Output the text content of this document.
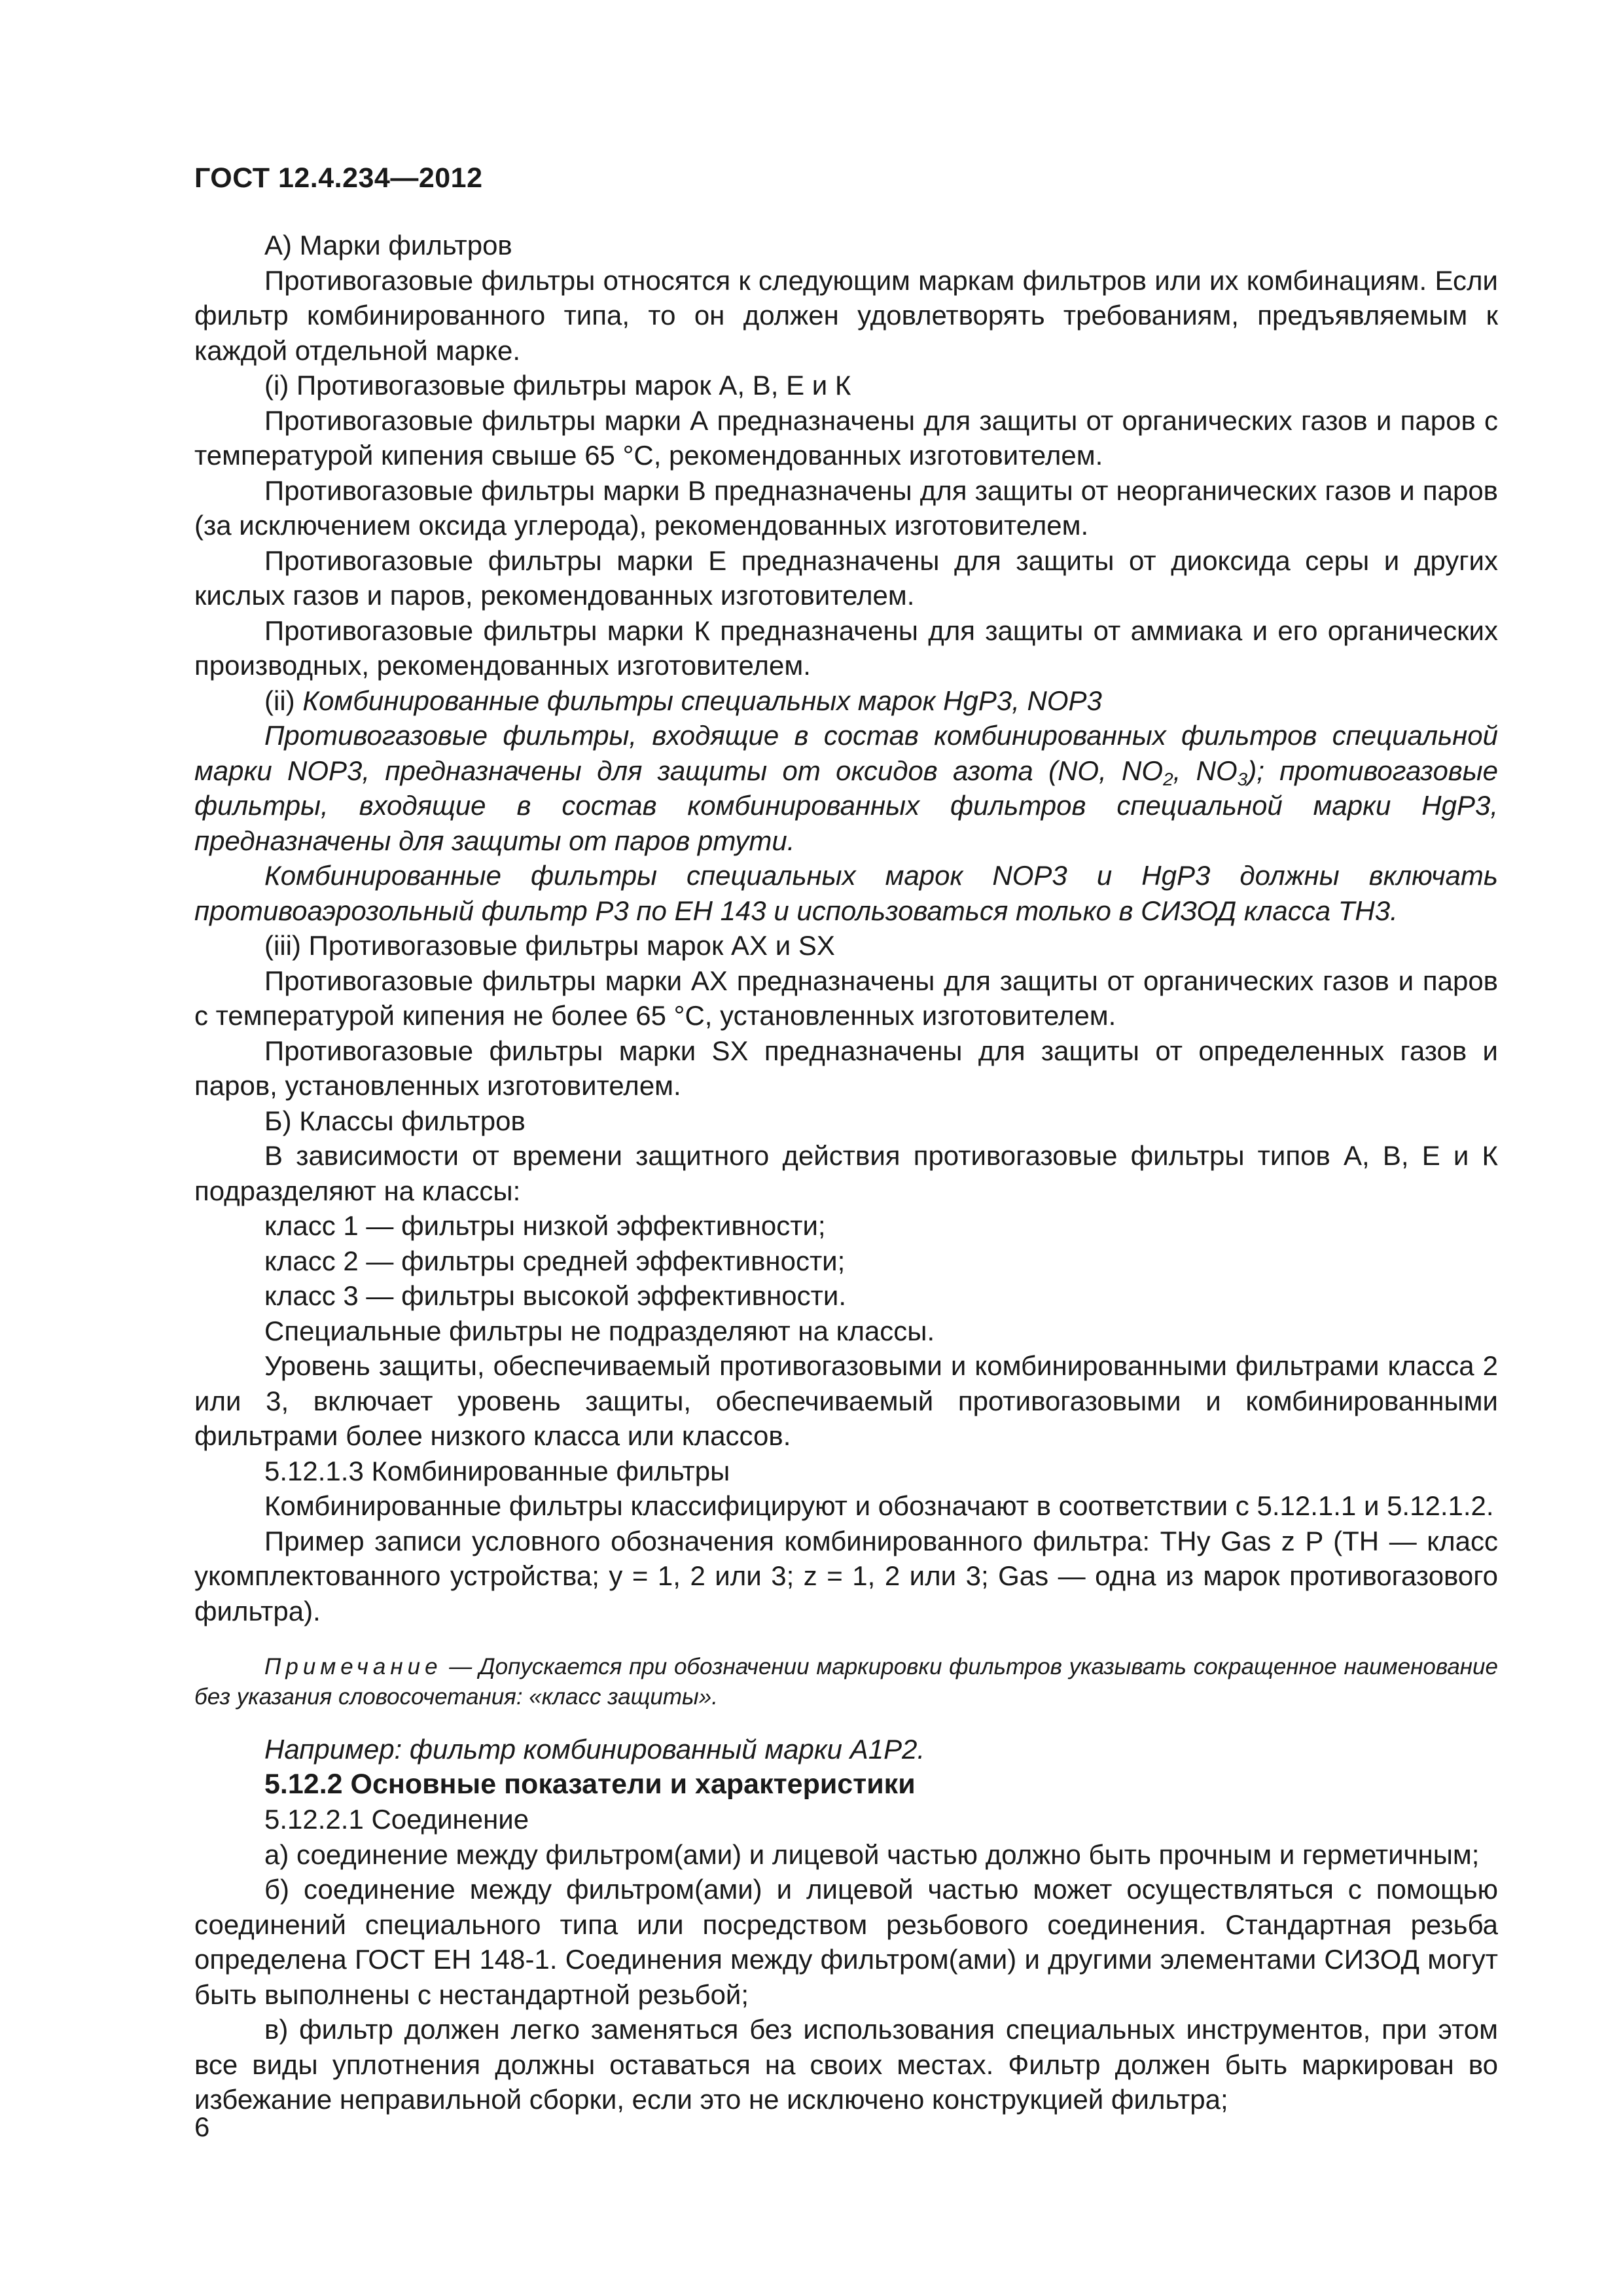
ГОСТ 12.4.234—2012

А) Марки фильтров

Противогазовые фильтры относятся к следующим маркам фильтров или их комбинациям. Если фильтр комбинированного типа, то он должен удовлетворять требованиям, предъявляемым к каждой отдельной марке.

(i) Противогазовые фильтры марок А, В, Е и К

Противогазовые фильтры марки А предназначены для защиты от органических газов и паров с температурой кипения свыше 65 °С, рекомендованных изготовителем.

Противогазовые фильтры марки В предназначены для защиты от неорганических газов и паров (за исключением оксида углерода), рекомендованных изготовителем.

Противогазовые фильтры марки Е предназначены для защиты от диоксида серы и других кислых газов и паров, рекомендованных изготовителем.

Противогазовые фильтры марки К предназначены для защиты от аммиака и его органических производных, рекомендованных изготовителем.

(ii) Комбинированные фильтры специальных марок HgP3, NOP3

Противогазовые фильтры, входящие в состав комбинированных фильтров специальной марки NOP3, предназначены для защиты от оксидов азота (NO, $NO_2$, $NO_3$); противогазовые фильтры, входящие в состав комбинированных фильтров специальной марки HgP3, предназначены для защиты от паров ртути.

Комбинированные фильтры специальных марок NOP3 и HgP3 должны включать противоаэрозольный фильтр Р3 по ЕН 143 и использоваться только в СИЗОД класса ТН3.

(iii) Противогазовые фильтры марок АХ и SX

Противогазовые фильтры марки АХ предназначены для защиты от органических газов и паров с температурой кипения не более 65 °С, установленных изготовителем.

Противогазовые фильтры марки SX предназначены для защиты от определенных газов и паров, установленных изготовителем.

Б) Классы фильтров

В зависимости от времени защитного действия противогазовые фильтры типов А, В, Е и К подразделяют на классы:

класс 1 — фильтры низкой эффективности;

класс 2 — фильтры средней эффективности;

класс 3 — фильтры высокой эффективности.

Специальные фильтры не подразделяют на классы.

Уровень защиты, обеспечиваемый противогазовыми и комбинированными фильтрами класса 2 или 3, включает уровень защиты, обеспечиваемый противогазовыми и комбинированными фильтрами более низкого класса или классов.

5.12.1.3 Комбинированные фильтры

Комбинированные фильтры классифицируют и обозначают в соответствии с 5.12.1.1 и 5.12.1.2.

Пример записи условного обозначения комбинированного фильтра: THy Gas z P (TH — класс укомплектованного устройства; y = 1, 2 или 3; z = 1, 2 или 3; Gas — одна из марок противогазового фильтра).

Примечание — Допускается при обозначении маркировки фильтров указывать сокращенное наименование без указания словосочетания: «класс защиты».

Например: фильтр комбинированный марки А1Р2.

5.12.2 Основные показатели и характеристики

5.12.2.1 Соединение

а) соединение между фильтром(ами) и лицевой частью должно быть прочным и герметичным;

б) соединение между фильтром(ами) и лицевой частью может осуществляться с помощью соединений специального типа или посредством резьбового соединения. Стандартная резьба определена ГОСТ ЕН 148-1. Соединения между фильтром(ами) и другими элементами СИЗОД могут быть выполнены с нестандартной резьбой;

в) фильтр должен легко заменяться без использования специальных инструментов, при этом все виды уплотнения должны оставаться на своих местах. Фильтр должен быть маркирован во избежание неправильной сборки, если это не исключено конструкцией фильтра;

6
